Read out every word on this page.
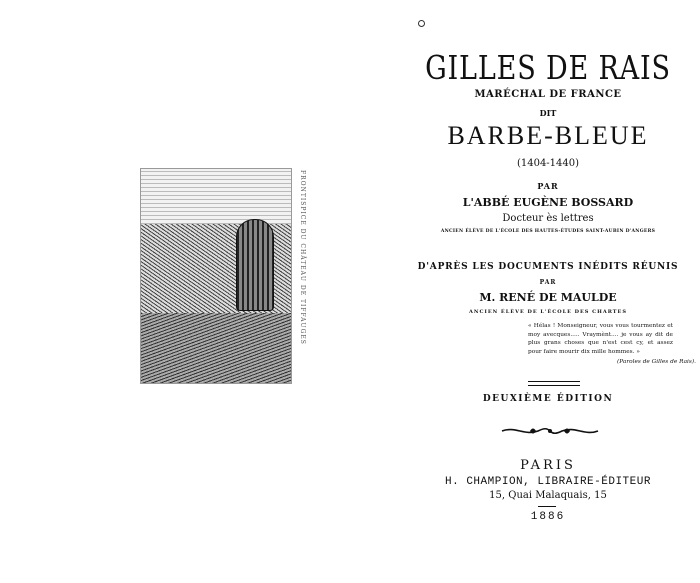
FRONTISPICE DU CHÂTEAU DE TIFFAUGES
GILLES DE RAIS
MARÉCHAL DE FRANCE
DIT
BARBE-BLEUE
(1404-1440)
PAR
L'ABBÉ EUGÈNE BOSSARD
Docteur ès lettres
ANCIEN ÉLÈVE DE L'ÉCOLE DES HAUTES-ÉTUDES SAINT-AUBIN D'ANGERS
D'APRÈS LES DOCUMENTS INÉDITS RÉUNIS
PAR
M. RENÉ DE MAULDE
ANCIEN ÉLÈVE DE L'ÉCOLE DES CHARTES
« Hélas ! Monseigneur, vous vous tourmentez et moy avecques..... Vraymènt.... je vous ay dit de plus grans choses que n'est cest cy, et assez pour faire mourir dix mille hommes. »
(Paroles de Gilles de Rais).
DEUXIÈME ÉDITION
PARIS
H. CHAMPION, LIBRAIRE-ÉDITEUR
15, Quai Malaquais, 15
1886
